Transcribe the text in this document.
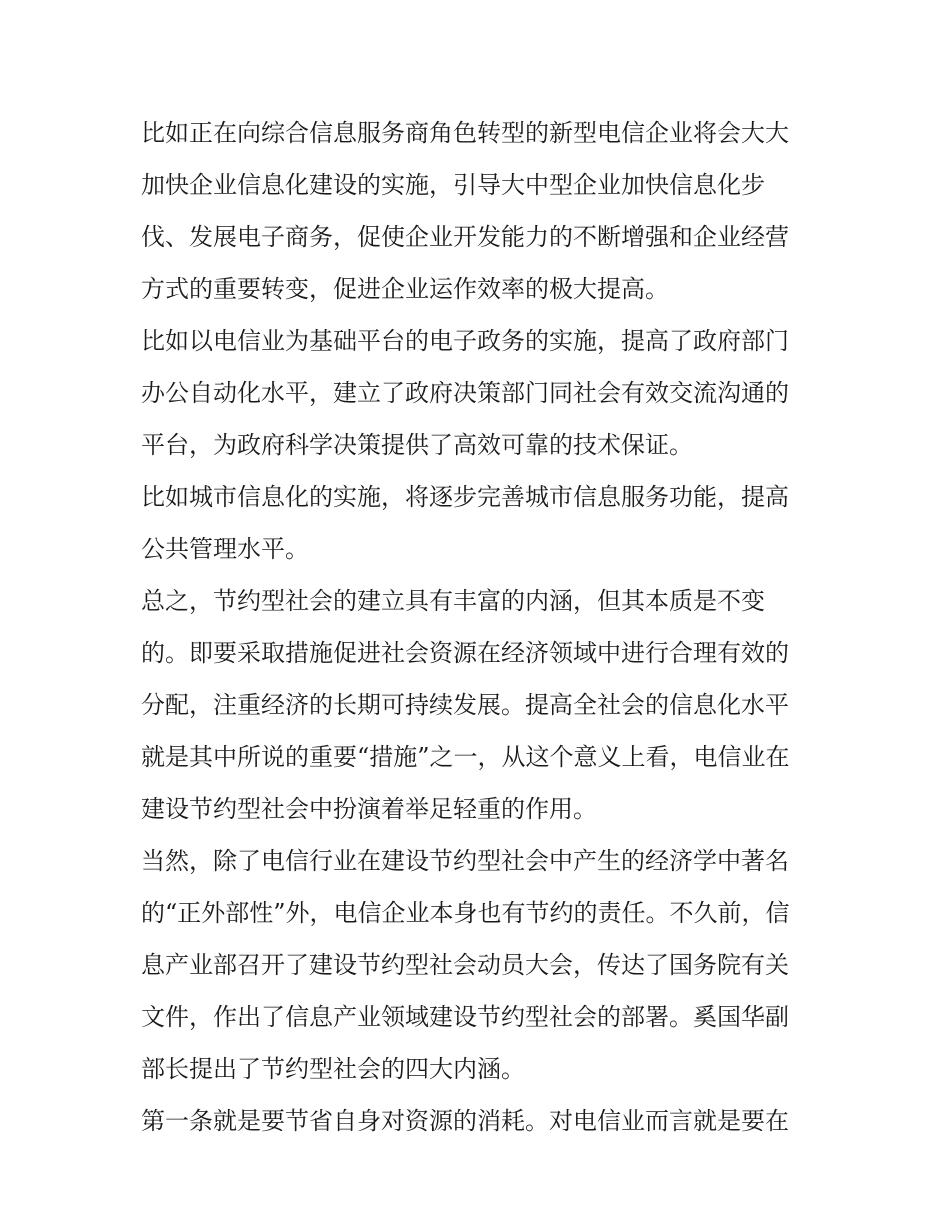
比如正在向综合信息服务商角色转型的新型电信企业将会大大
加快企业信息化建设的实施，引导大中型企业加快信息化步
伐、发展电子商务，促使企业开发能力的不断增强和企业经营
方式的重要转变，促进企业运作效率的极大提高。
比如以电信业为基础平台的电子政务的实施，提高了政府部门
办公自动化水平，建立了政府决策部门同社会有效交流沟通的
平台，为政府科学决策提供了高效可靠的技术保证。
比如城市信息化的实施，将逐步完善城市信息服务功能，提高
公共管理水平。
总之，节约型社会的建立具有丰富的内涵，但其本质是不变
的。即要采取措施促进社会资源在经济领域中进行合理有效的
分配，注重经济的长期可持续发展。提高全社会的信息化水平
就是其中所说的重要“措施”之一，从这个意义上看，电信业在
建设节约型社会中扮演着举足轻重的作用。
当然，除了电信行业在建设节约型社会中产生的经济学中著名
的“正外部性”外，电信企业本身也有节约的责任。不久前，信
息产业部召开了建设节约型社会动员大会，传达了国务院有关
文件，作出了信息产业领域建设节约型社会的部署。奚国华副
部长提出了节约型社会的四大内涵。
第一条就是要节省自身对资源的消耗。对电信业而言就是要在
